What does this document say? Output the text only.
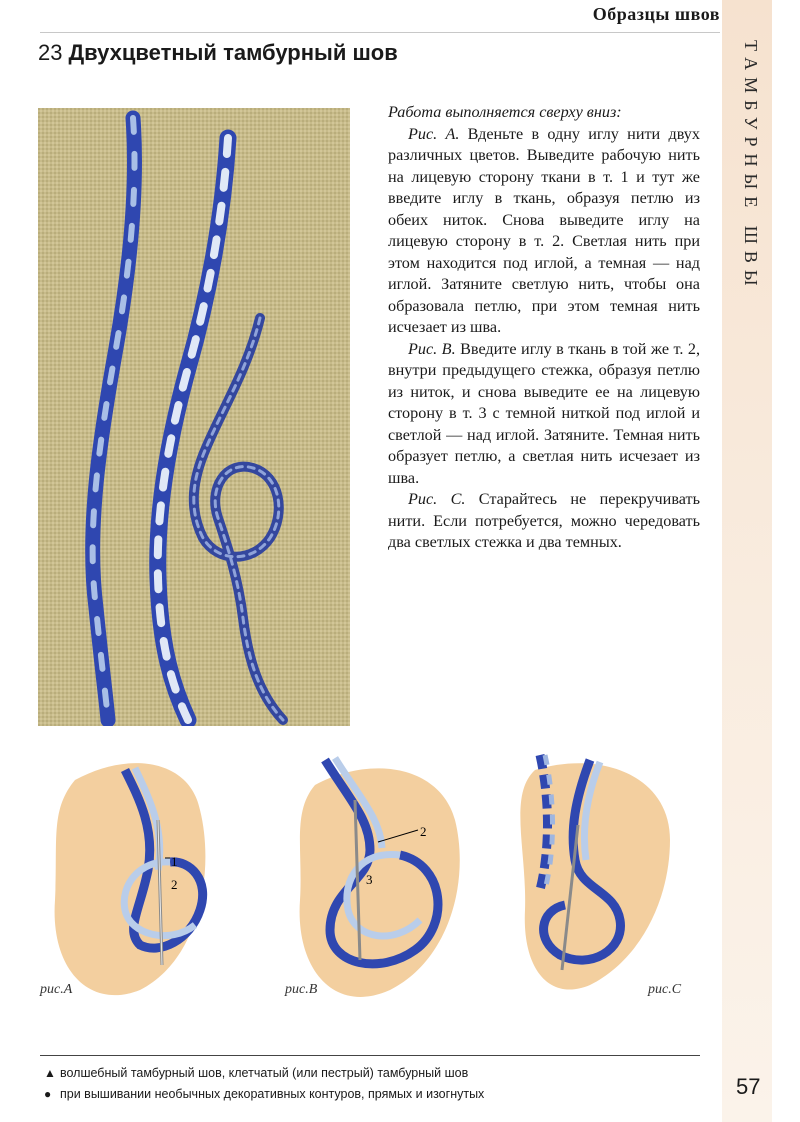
ТАМБУРНЫЕ ШВЫ
Образцы швов
23 Двухцветный тамбурный шов

Работа выполняется сверху вниз:

Рис. А. Вденьте в одну иглу нити двух различных цветов. Выведите рабочую нить на лицевую сторону ткани в т. 1 и тут же введите иглу в ткань, образуя петлю из обеих ниток. Снова выведите иглу на лицевую сторону в т. 2. Светлая нить при этом находится под иглой, а темная — над иглой. Затяните светлую нить, чтобы она образовала петлю, при этом темная нить исчезает из шва.

Рис. В. Введите иглу в ткань в той же т. 2, внутри предыдущего стежка, образуя петлю из ниток, и снова выведите ее на лицевую сторону в т. 3 с темной ниткой под иглой и светлой — над иглой. Затяните. Темная нить образует петлю, а светлая нить исчезает из шва.

Рис. С. Старайтесь не перекручивать нити. Если потребуется, можно чередовать два светлых стежка и два темных.

1
2
2
3
рис.А	рис.В	рис.С
▲ волшебный тамбурный шов, клетчатый (или пестрый) тамбурный шов
● при вышивании необычных декоративных контуров, прямых и изогнутых	57
